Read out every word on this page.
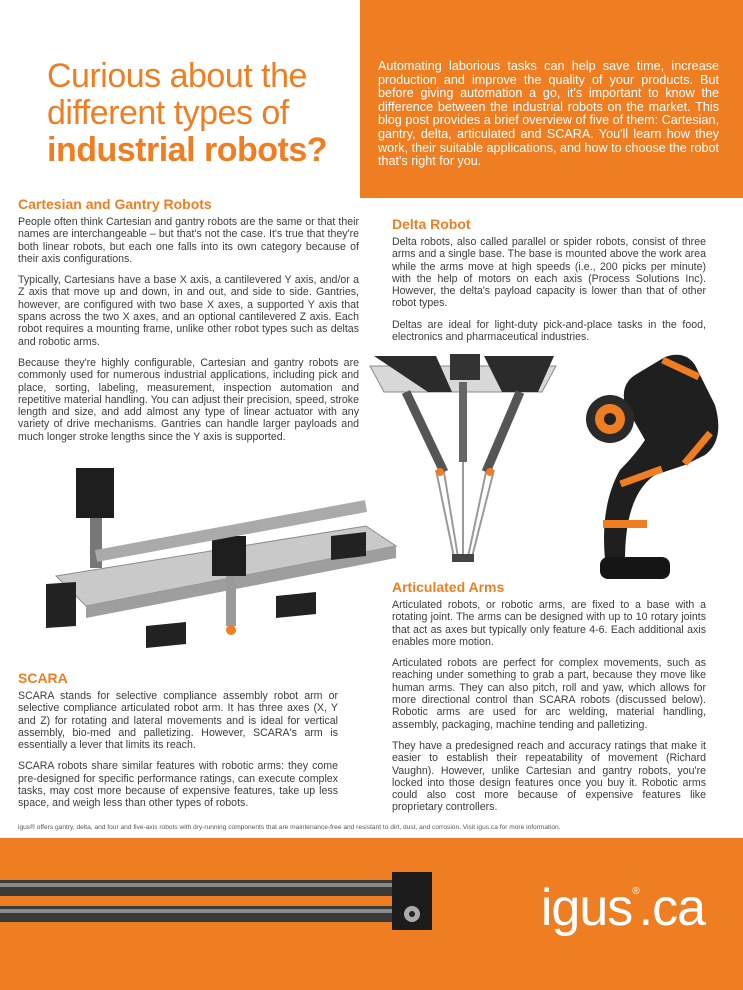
Curious about the
different types of
industrial robots?

Automating laborious tasks can help save time, increase production and improve the quality of your products. But before giving automation a go, it's important to know the difference between the industrial robots on the market. This blog post provides a brief overview of five of them: Cartesian, gantry, delta, articulated and SCARA. You'll learn how they work, their suitable applications, and how to choose the robot that's right for you.

Cartesian and Gantry Robots

People often think Cartesian and gantry robots are the same or that their names are interchangeable – but that's not the case. It's true that they're both linear robots, but each one falls into its own category because of their axis configurations.

Typically, Cartesians have a base X axis, a cantilevered Y axis, and/or a Z axis that move up and down, in and out, and side to side. Gantries, however, are configured with two base X axes, a supported Y axis that spans across the two X axes, and an optional cantilevered Z axis. Each robot requires a mounting frame, unlike other robot types such as deltas and robotic arms.

Because they're highly configurable, Cartesian and gantry robots are commonly used for numerous industrial applications, including pick and place, sorting, labeling, measurement, inspection automation and repetitive material handling. You can adjust their precision, speed, stroke length and size, and add almost any type of linear actuator with any variety of drive mechanisms. Gantries can handle larger payloads and much longer stroke lengths since the Y axis is supported.

Delta Robot

Delta robots, also called parallel or spider robots, consist of three arms and a single base. The base is mounted above the work area while the arms move at high speeds (i.e., 200 picks per minute) with the help of motors on each axis (Process Solutions Inc). However, the delta's payload capacity is lower than that of other robot types.

Deltas are ideal for light-duty pick-and-place tasks in the food, electronics and pharmaceutical industries.

SCARA

SCARA stands for selective compliance assembly robot arm or selective compliance articulated robot arm. It has three axes (X, Y and Z) for rotating and lateral movements and is ideal for vertical assembly, bio-med and palletizing. However, SCARA's arm is essentially a lever that limits its reach.

SCARA robots share similar features with robotic arms: they come pre-designed for specific performance ratings, can execute complex tasks, may cost more because of expensive features, take up less space, and weigh less than other types of robots.

Articulated Arms

Articulated robots, or robotic arms, are fixed to a base with a rotating joint. The arms can be designed with up to 10 rotary joints that act as axes but typically only feature 4-6. Each additional axis enables more motion.

Articulated robots are perfect for complex movements, such as reaching under something to grab a part, because they move like human arms. They can also pitch, roll and yaw, which allows for more directional control than SCARA robots (discussed below). Robotic arms are used for arc welding, material handling, assembly, packaging, machine tending and palletizing.

They have a predesigned reach and accuracy ratings that make it easier to establish their repeatability of movement (Richard Vaughn). However, unlike Cartesian and gantry robots, you're locked into those design features once you buy it. Robotic arms could also cost more because of expensive features like proprietary controllers.

igus® offers gantry, delta, and four and five-axis robots with dry-running components that are maintenance-free and resistant to dirt, dust, and corrosion. Visit igus.ca for more information.
igus®.ca
